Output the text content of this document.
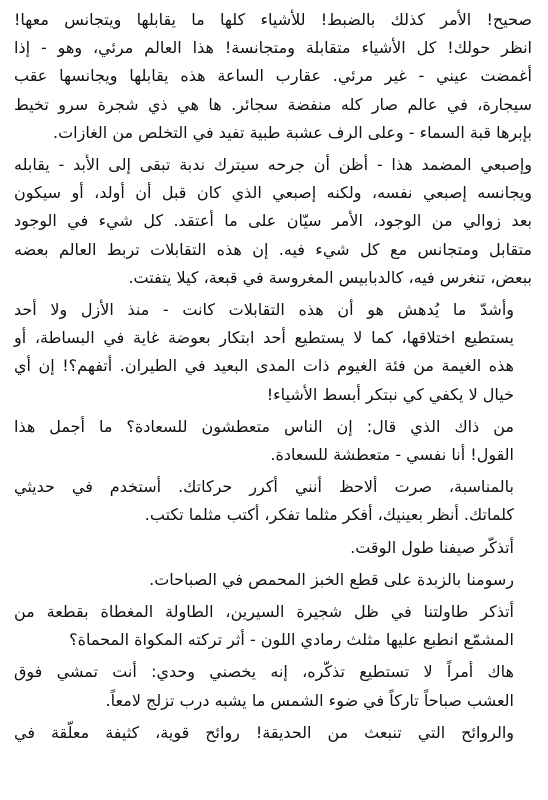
صحيح! الأمر كذلك بالضبط! للأشياء كلها ما يقابلها ويتجانس معها!
انظر حولك! كل الأشياء متقابلة ومتجانسة! هذا العالم مرئي، وهو - إذا
أغمضت عيني - غير مرئي. عقارب الساعة هذه يقابلها ويجانسها عقب
سيجارة، في عالم صار كله منفضة سجائر. ها هي ذي شجرة سرو تخيط
بإبرها قبة السماء - وعلى الرف عشبة طبية تفيد في التخلص من الغازات.
وإصبعي المضمد هذا - أظن أن جرحه سيترك ندبة تبقى إلى الأبد - يقابله
ويجانسه إصبعي نفسه، ولكنه إصبعي الذي كان قبل أن أولد، أو سيكون
بعد زوالي من الوجود، الأمر سيّان على ما أعتقد. كل شيء في الوجود
متقابل ومتجانس مع كل شيء فيه. إن هذه التقابلات تربط العالم بعضه
ببعض، تنغرس فيه، كالدبابيس المغروسة في قبعة، كيلا يتفتت.
وأشدّ ما يُدهش هو أن هذه التقابلات كانت - منذ الأزل ولا أحد
يستطيع اختلاقها، كما لا يستطيع أحد ابتكار بعوضة غاية في البساطة، أو
هذه الغيمة من فئة الغيوم ذات المدى البعيد في الطيران. أتفهم؟! إن أي
خيال لا يكفي كي نبتكر أبسط الأشياء!
من ذاك الذي قال: إن الناس متعطشون للسعادة؟ ما أجمل هذا
القول! أنا نفسي - متعطشة للسعادة.
بالمناسبة، صرت ألاحظ أنني أكرر حركاتك. أستخدم في حديثي
كلماتك. أنظر بعينيك، أفكر مثلما تفكر، أكتب مثلما تكتب.
أتذكّر صيفنا طول الوقت.
رسومنا بالزبدة على قطع الخبز المحمص في الصباحات.
أتذكر طاولتنا في ظل شجيرة السيرين، الطاولة المغطاة بقطعة من
المشمّع انطبع عليها مثلث رمادي اللون - أثر تركته المكواة المحماة؟
هاك أمراً لا تستطيع تذكّره، إنه يخصني وحدي: أنت تمشي فوق
العشب صباحاً تاركاً في ضوء الشمس ما يشبه درب تزلج لامعاً.
والروائح التي تنبعث من الحديقة! روائح قوية، كثيفة معلّقة في
